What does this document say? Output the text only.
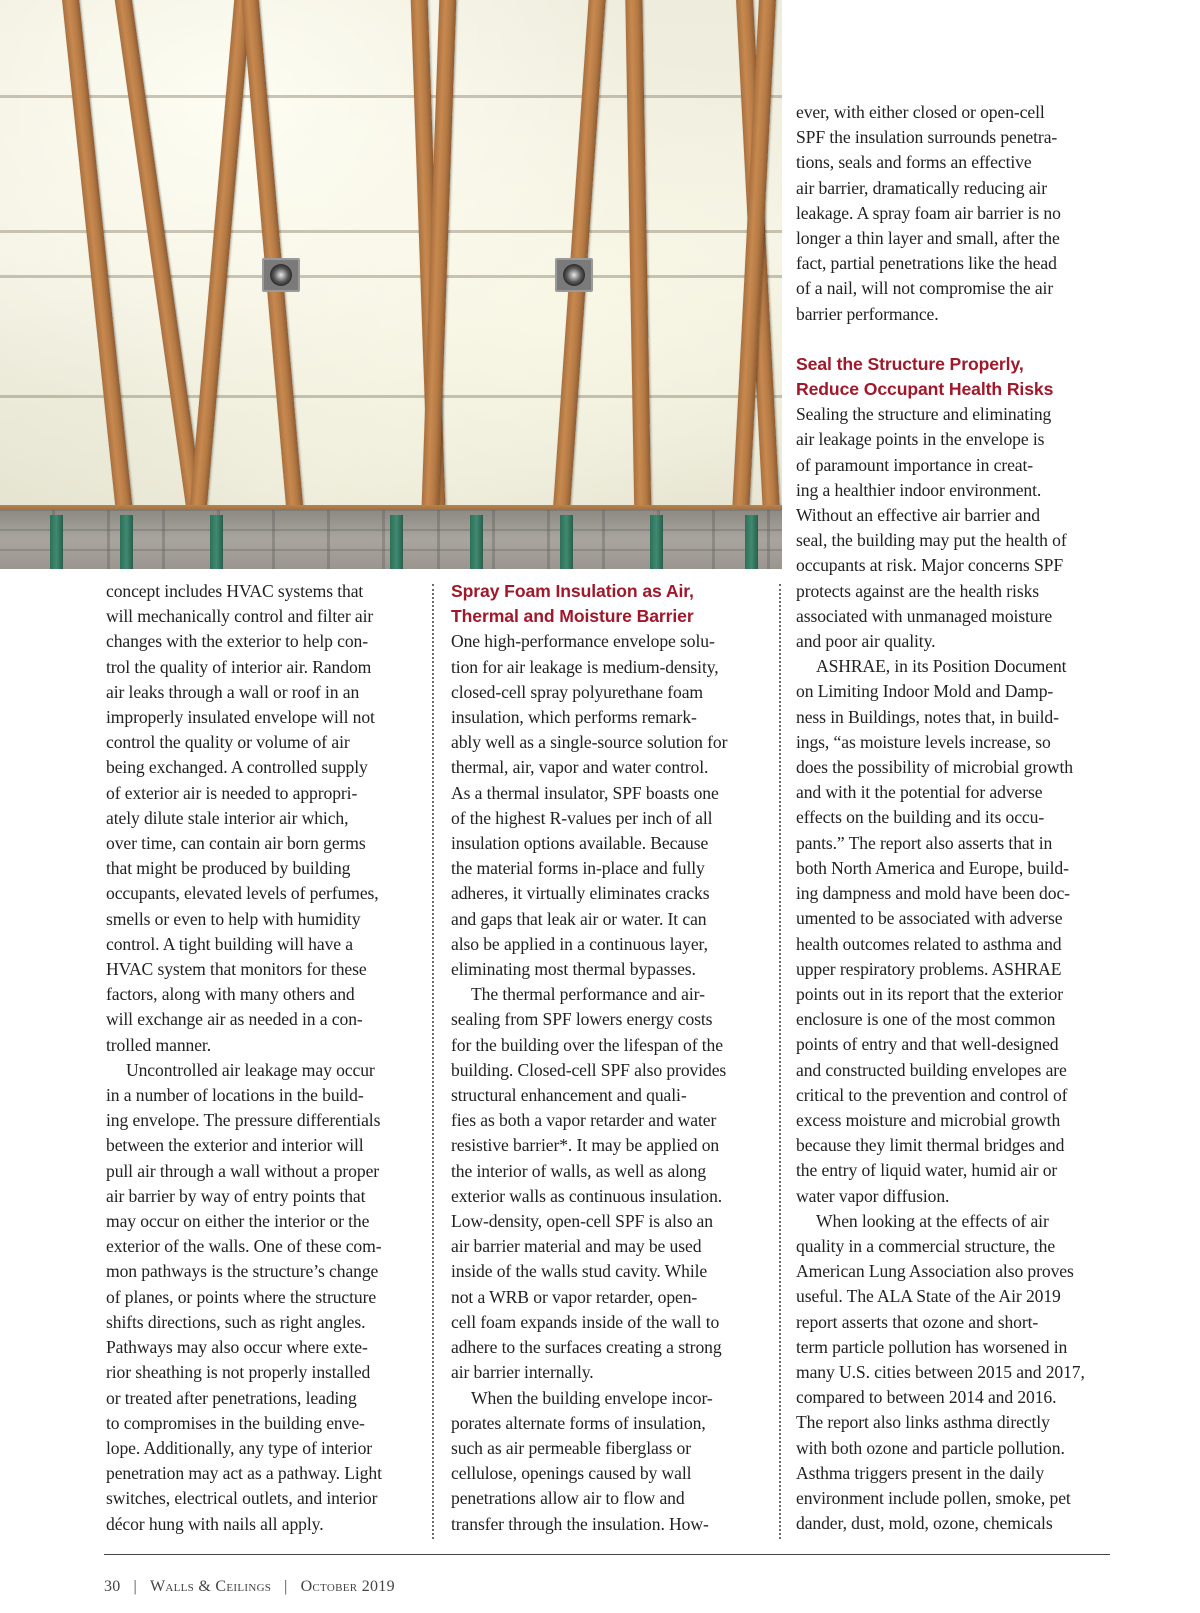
concept includes HVAC systems that
will mechanically control and filter air
changes with the exterior to help con-
trol the quality of interior air. Random
air leaks through a wall or roof in an
improperly insulated envelope will not
control the quality or volume of air
being exchanged. A controlled supply
of exterior air is needed to appropri-
ately dilute stale interior air which,
over time, can contain air born germs
that might be produced by building
occupants, elevated levels of perfumes,
smells or even to help with humidity
control. A tight building will have a
HVAC system that monitors for these
factors, along with many others and
will exchange air as needed in a con-
trolled manner.

Uncontrolled air leakage may occur
in a number of locations in the build-
ing envelope. The pressure differentials
between the exterior and interior will
pull air through a wall without a proper
air barrier by way of entry points that
may occur on either the interior or the
exterior of the walls. One of these com-
mon pathways is the structure’s change
of planes, or points where the structure
shifts directions, such as right angles.
Pathways may also occur where exte-
rior sheathing is not properly installed
or treated after penetrations, leading
to compromises in the building enve-
lope. Additionally, any type of interior
penetration may act as a pathway. Light
switches, electrical outlets, and interior
décor hung with nails all apply.

Spray Foam Insulation as Air,
Thermal and Moisture Barrier

One high-performance envelope solu-
tion for air leakage is medium-density,
closed-cell spray polyurethane foam
insulation, which performs remark-
ably well as a single-source solution for
thermal, air, vapor and water control.
As a thermal insulator, SPF boasts one
of the highest R-values per inch of all
insulation options available. Because
the material forms in-place and fully
adheres, it virtually eliminates cracks
and gaps that leak air or water. It can
also be applied in a continuous layer,
eliminating most thermal bypasses.

The thermal performance and air-
sealing from SPF lowers energy costs
for the building over the lifespan of the
building. Closed-cell SPF also provides
structural enhancement and quali-
fies as both a vapor retarder and water
resistive barrier*. It may be applied on
the interior of walls, as well as along
exterior walls as continuous insulation.
Low-density, open-cell SPF is also an
air barrier material and may be used
inside of the walls stud cavity. While
not a WRB or vapor retarder, open-
cell foam expands inside of the wall to
adhere to the surfaces creating a strong
air barrier internally.

When the building envelope incor-
porates alternate forms of insulation,
such as air permeable fiberglass or
cellulose, openings caused by wall
penetrations allow air to flow and
transfer through the insulation. How-

ever, with either closed or open-cell
SPF the insulation surrounds penetra-
tions, seals and forms an effective
air barrier, dramatically reducing air
leakage. A spray foam air barrier is no
longer a thin layer and small, after the
fact, partial penetrations like the head
of a nail, will not compromise the air
barrier performance.

Seal the Structure Properly,
Reduce Occupant Health Risks

Sealing the structure and eliminating
air leakage points in the envelope is
of paramount importance in creat-
ing a healthier indoor environment.
Without an effective air barrier and
seal, the building may put the health of
occupants at risk. Major concerns SPF
protects against are the health risks
associated with unmanaged moisture
and poor air quality.

ASHRAE, in its Position Document
on Limiting Indoor Mold and Damp-
ness in Buildings, notes that, in build-
ings, “as moisture levels increase, so
does the possibility of microbial growth
and with it the potential for adverse
effects on the building and its occu-
pants.” The report also asserts that in
both North America and Europe, build-
ing dampness and mold have been doc-
umented to be associated with adverse
health outcomes related to asthma and
upper respiratory problems. ASHRAE
points out in its report that the exterior
enclosure is one of the most common
points of entry and that well-designed
and constructed building envelopes are
critical to the prevention and control of
excess moisture and microbial growth
because they limit thermal bridges and
the entry of liquid water, humid air or
water vapor diffusion.

When looking at the effects of air
quality in a commercial structure, the
American Lung Association also proves
useful. The ALA State of the Air 2019
report asserts that ozone and short-
term particle pollution has worsened in
many U.S. cities between 2015 and 2017,
compared to between 2014 and 2016.
The report also links asthma directly
with both ozone and particle pollution.
Asthma triggers present in the daily
environment include pollen, smoke, pet
dander, dust, mold, ozone, chemicals

30 | Walls & Ceilings | October 2019
